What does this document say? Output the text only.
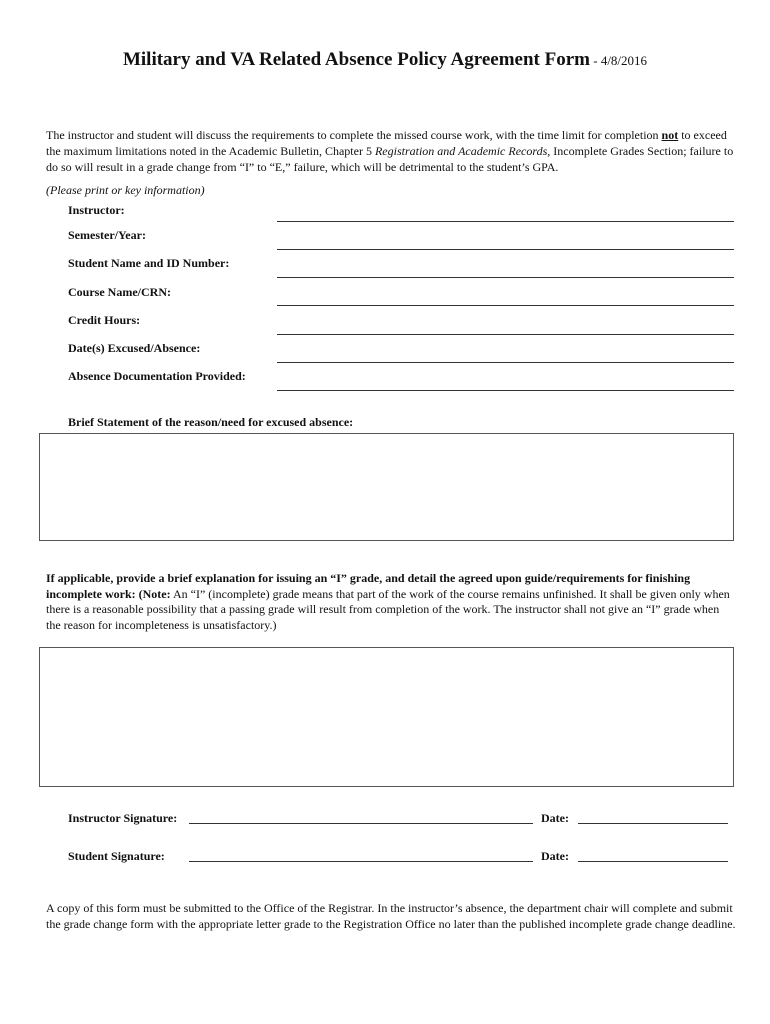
Military and VA Related Absence Policy Agreement Form - 4/8/2016
The instructor and student will discuss the requirements to complete the missed course work, with the time limit for completion not to exceed the maximum limitations noted in the Academic Bulletin, Chapter 5 Registration and Academic Records, Incomplete Grades Section; failure to do so will result in a grade change from “I” to “E,” failure, which will be detrimental to the student’s GPA.
(Please print or key information)
Instructor:
Semester/Year:
Student Name and ID Number:
Course Name/CRN:
Credit Hours:
Date(s) Excused/Absence:
Absence Documentation Provided:
Brief Statement of the reason/need for excused absence:
If applicable, provide a brief explanation for issuing an “I” grade, and detail the agreed upon guide/requirements for finishing incomplete work: (Note: An “I” (incomplete) grade means that part of the work of the course remains unfinished. It shall be given only when there is a reasonable possibility that a passing grade will result from completion of the work. The instructor shall not give an “I” grade when the reason for incompleteness is unsatisfactory.)
Instructor Signature:	Date:
Student Signature:	Date:
A copy of this form must be submitted to the Office of the Registrar. In the instructor’s absence, the department chair will complete and submit the grade change form with the appropriate letter grade to the Registration Office no later than the published incomplete grade change deadline.
